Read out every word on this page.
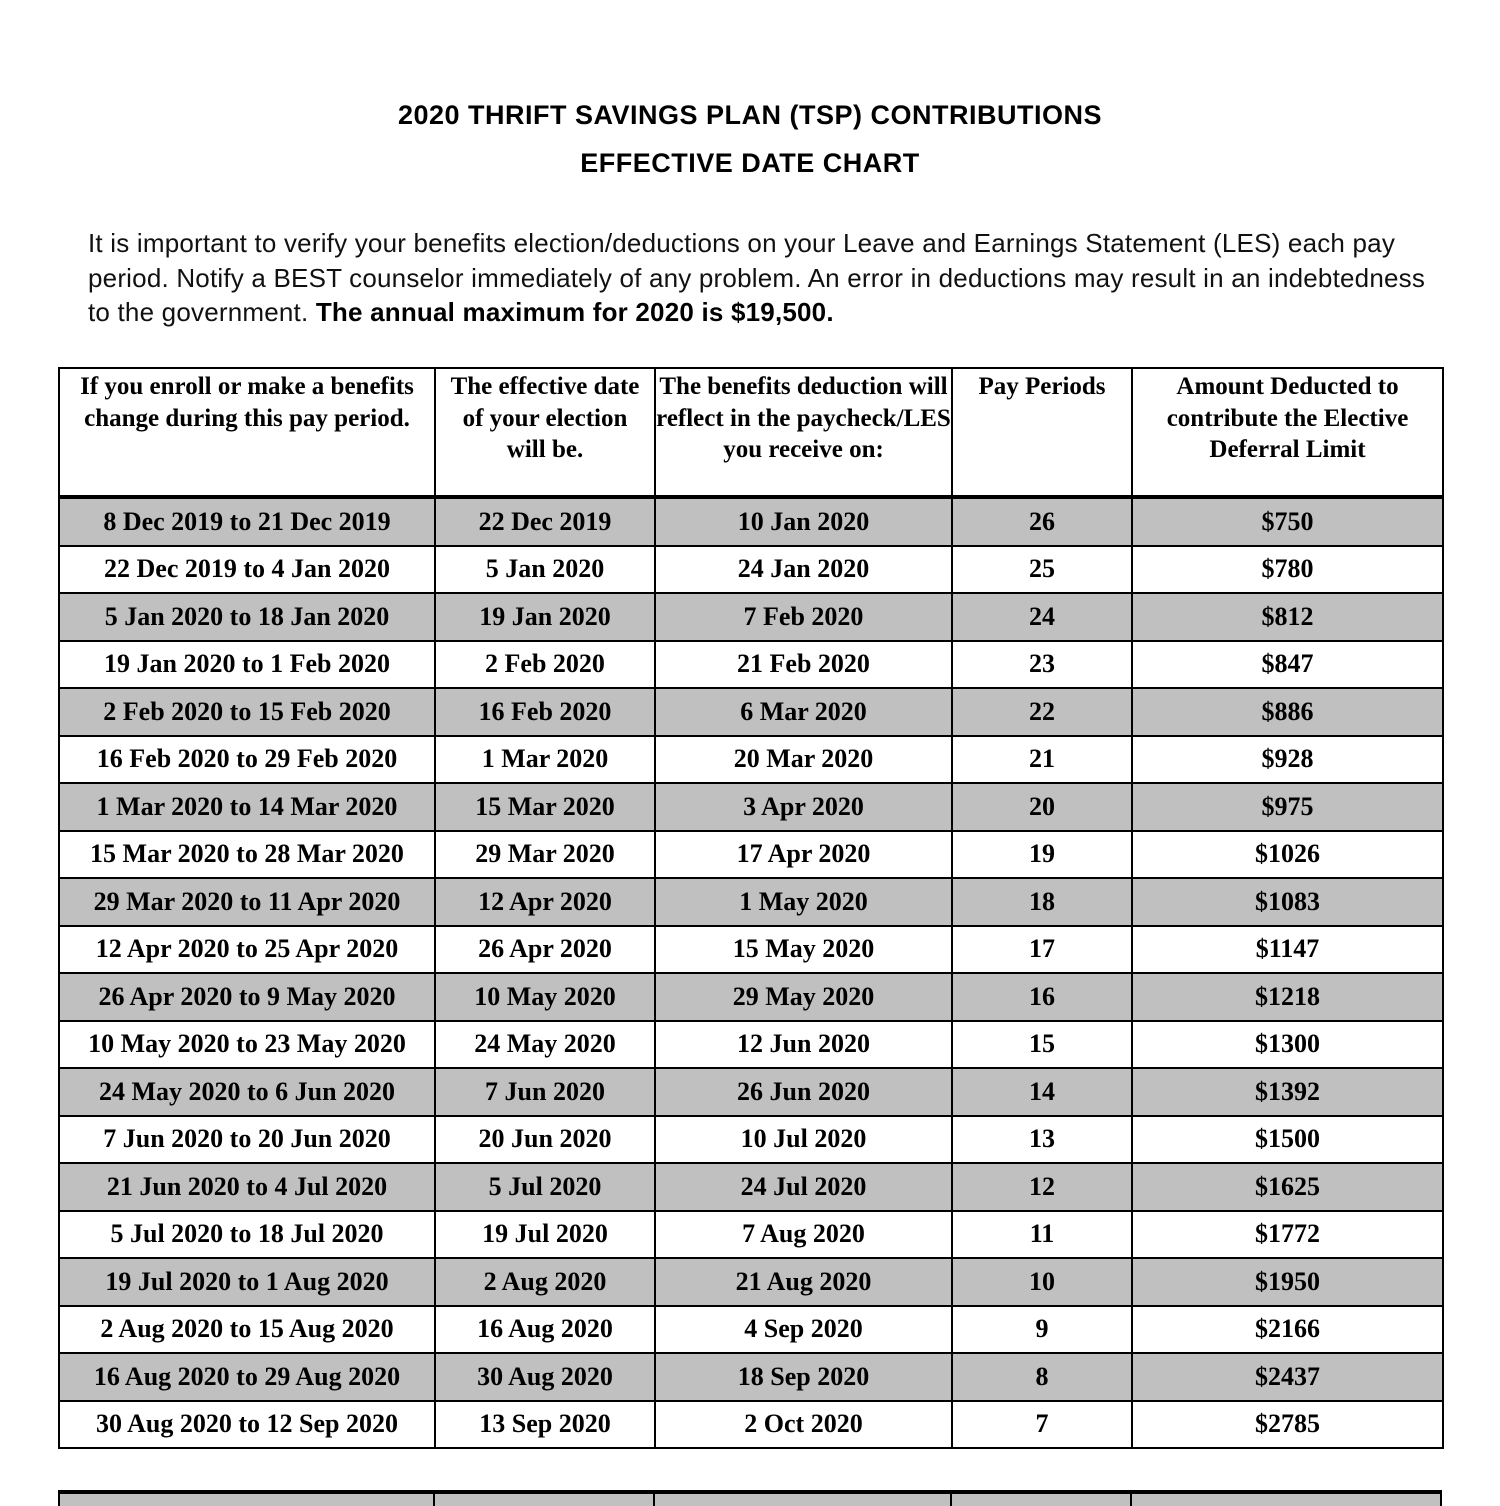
2020 THRIFT SAVINGS PLAN (TSP) CONTRIBUTIONS
EFFECTIVE DATE CHART
It is important to verify your benefits election/deductions on your Leave and Earnings Statement (LES) each pay period. Notify a BEST counselor immediately of any problem. An error in deductions may result in an indebtedness to the government. The annual maximum for 2020 is $19,500.
If you enroll or make a benefits change during this pay period.	The effective date of your election will be.	The benefits deduction will reflect in the paycheck/LES you receive on:	Pay Periods	Amount Deducted to contribute the Elective Deferral Limit
8 Dec 2019 to 21 Dec 2019	22 Dec 2019	10 Jan 2020	26	$750
22 Dec 2019 to 4 Jan 2020	5 Jan 2020	24 Jan 2020	25	$780
5 Jan 2020 to 18 Jan 2020	19 Jan 2020	7 Feb 2020	24	$812
19 Jan 2020 to 1 Feb 2020	2 Feb 2020	21 Feb 2020	23	$847
2 Feb 2020 to 15 Feb 2020	16 Feb 2020	6 Mar 2020	22	$886
16 Feb 2020 to 29 Feb 2020	1 Mar 2020	20 Mar 2020	21	$928
1 Mar 2020 to 14 Mar 2020	15 Mar 2020	3 Apr 2020	20	$975
15 Mar 2020 to 28 Mar 2020	29 Mar 2020	17 Apr 2020	19	$1026
29 Mar 2020 to 11 Apr 2020	12 Apr 2020	1 May 2020	18	$1083
12 Apr 2020 to 25 Apr 2020	26 Apr 2020	15 May 2020	17	$1147
26 Apr 2020 to 9 May 2020	10 May 2020	29 May 2020	16	$1218
10 May 2020 to 23 May 2020	24 May 2020	12 Jun 2020	15	$1300
24 May 2020 to 6 Jun 2020	7 Jun 2020	26 Jun 2020	14	$1392
7 Jun 2020 to 20 Jun 2020	20 Jun 2020	10 Jul 2020	13	$1500
21 Jun 2020 to 4 Jul 2020	5 Jul 2020	24 Jul 2020	12	$1625
5 Jul 2020 to 18 Jul 2020	19 Jul 2020	7 Aug 2020	11	$1772
19 Jul 2020 to 1 Aug 2020	2 Aug 2020	21 Aug 2020	10	$1950
2 Aug 2020 to 15 Aug 2020	16 Aug 2020	4 Sep 2020	9	$2166
16 Aug 2020 to 29 Aug 2020	30 Aug 2020	18 Sep 2020	8	$2437
30 Aug 2020 to 12 Sep 2020	13 Sep 2020	2 Oct 2020	7	$2785
